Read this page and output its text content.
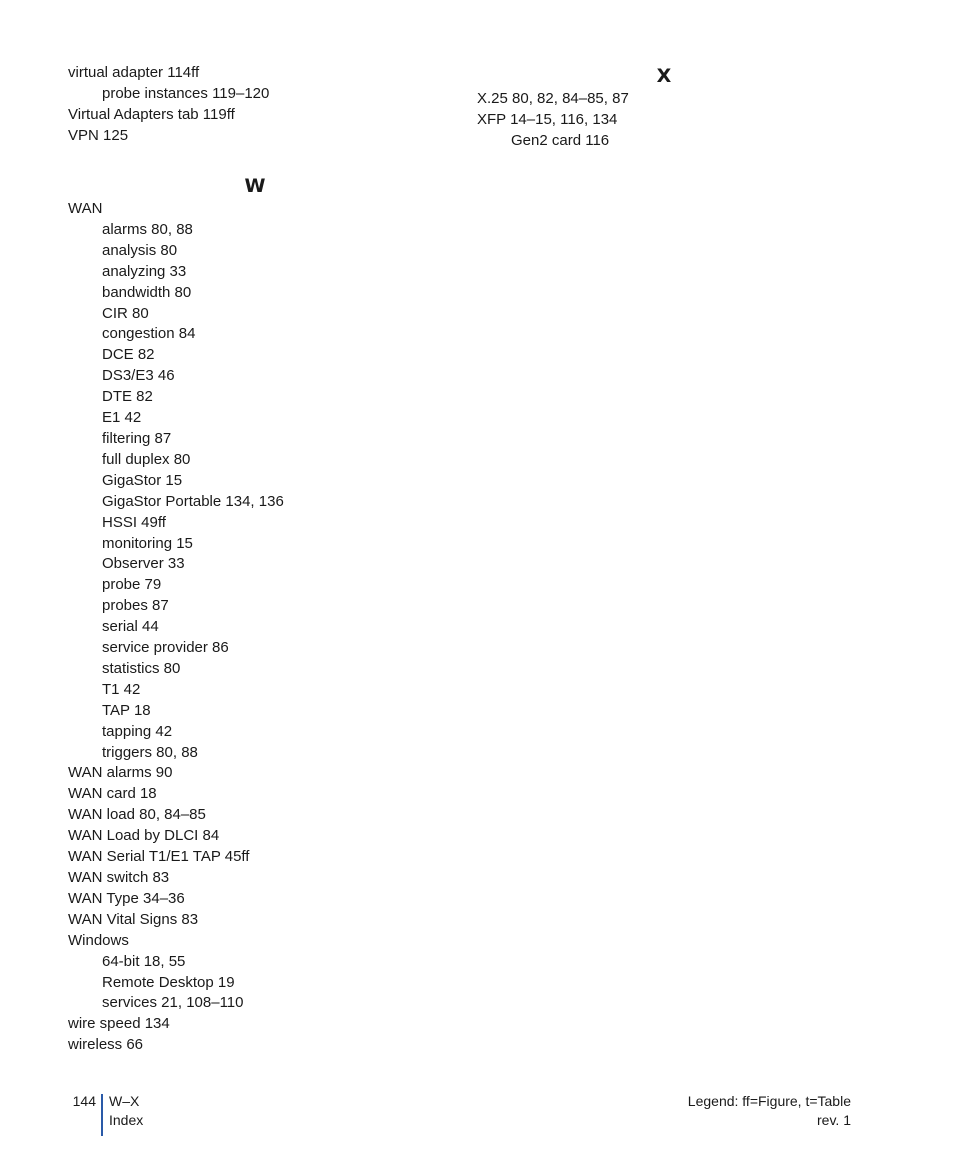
virtual adapter 114ff
probe instances 119–120
Virtual Adapters tab 119ff
VPN 125
W
WAN
alarms 80, 88
analysis 80
analyzing 33
bandwidth 80
CIR 80
congestion 84
DCE 82
DS3/E3 46
DTE 82
E1 42
filtering 87
full duplex 80
GigaStor 15
GigaStor Portable 134, 136
HSSI 49ff
monitoring 15
Observer 33
probe 79
probes 87
serial 44
service provider 86
statistics 80
T1 42
TAP 18
tapping 42
triggers 80, 88
WAN alarms 90
WAN card 18
WAN load 80, 84–85
WAN Load by DLCI 84
WAN Serial T1/E1 TAP 45ff
WAN switch 83
WAN Type 34–36
WAN Vital Signs 83
Windows
64-bit 18, 55
Remote Desktop 19
services 21, 108–110
wire speed 134
wireless 66
X
X.25 80, 82, 84–85, 87
XFP 14–15, 116, 134
Gen2 card 116
144 W–X
Index
Legend: ff=Figure, t=Table
rev. 1
